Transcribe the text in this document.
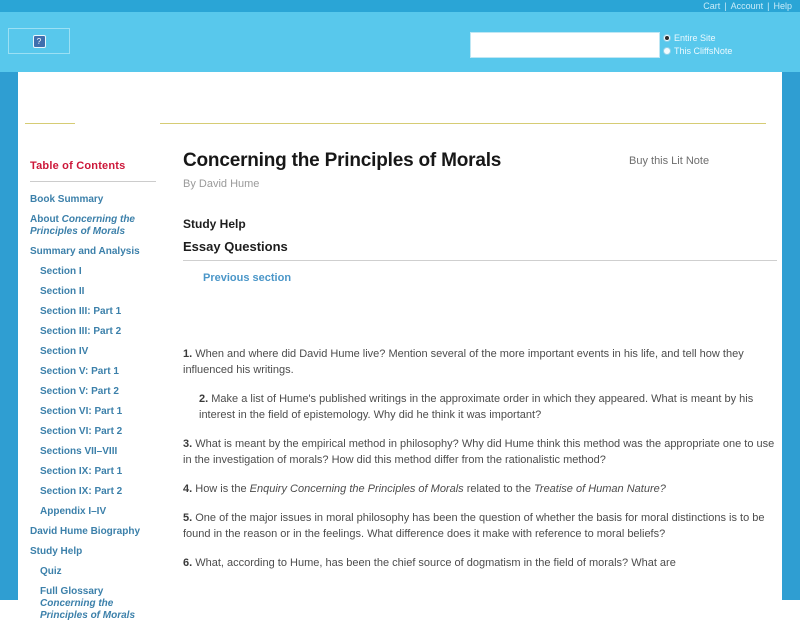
Cart | Account | Help
?	Entire Site
This CliffsNote
Table of Contents
Book Summary
About Concerning the Principles of Morals
Summary and Analysis
Section I
Section II
Section III: Part 1
Section III: Part 2
Section IV
Section V: Part 1
Section V: Part 2
Section VI: Part 1
Section VI: Part 2
Sections VII–VIII
Section IX: Part 1
Section IX: Part 2
Appendix I–IV
David Hume Biography
Study Help
Quiz
Full Glossary Concerning the Principles of Morals
Concerning the Principles of Morals	Buy this Lit Note
By David Hume
Study Help
Essay Questions
Previous section

1. When and where did David Hume live? Mention several of the more important events in his life, and tell how they influenced his writings.

2. Make a list of Hume's published writings in the approximate order in which they appeared. What is meant by his interest in the field of epistemology. Why did he think it was important?

3. What is meant by the empirical method in philosophy? Why did Hume think this method was the appropriate one to use in the investigation of morals? How did this method differ from the rationalistic method?

4. How is the Enquiry Concerning the Principles of Morals related to the Treatise of Human Nature?

5. One of the major issues in moral philosophy has been the question of whether the basis for moral distinctions is to be found in the reason or in the feelings. What difference does it make with reference to moral beliefs?

6. What, according to Hume, has been the chief source of dogmatism in the field of morals? What are
